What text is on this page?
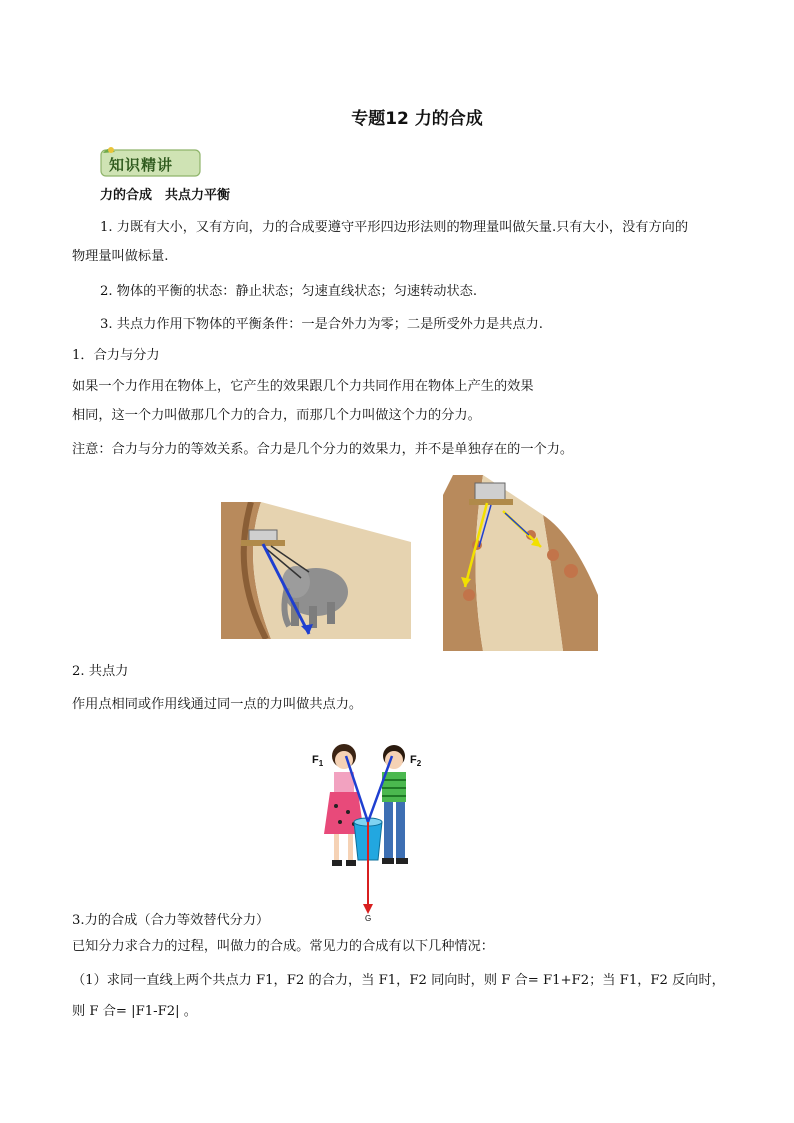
专题12 力的合成
知识精讲
力的合成　共点力平衡
1. 力既有大小，又有方向，力的合成要遵守平形四边形法则的物理量叫做矢量.只有大小，没有方向的
物理量叫做标量.
2. 物体的平衡的状态：静止状态；匀速直线状态；匀速转动状态.
3. 共点力作用下物体的平衡条件：一是合外力为零；二是所受外力是共点力.
1．合力与分力
如果一个力作用在物体上，它产生的效果跟几个力共同作用在物体上产生的效果
相同，这一个力叫做那几个力的合力，而那几个力叫做这个力的分力。
注意：合力与分力的等效关系。合力是几个分力的效果力，并不是单独存在的一个力。
2. 共点力
作用点相同或作用线通过同一点的力叫做共点力。
$F_1$	$F_2$
G
3.力的合成（合力等效替代分力）
已知分力求合力的过程，叫做力的合成。常见力的合成有以下几种情况：
（1）求同一直线上两个共点力 F1，F2 的合力，当 F1，F2 同向时，则 F 合= F1+F2；当 F1，F2 反向时，
则 F 合= |F1-F2| 。
